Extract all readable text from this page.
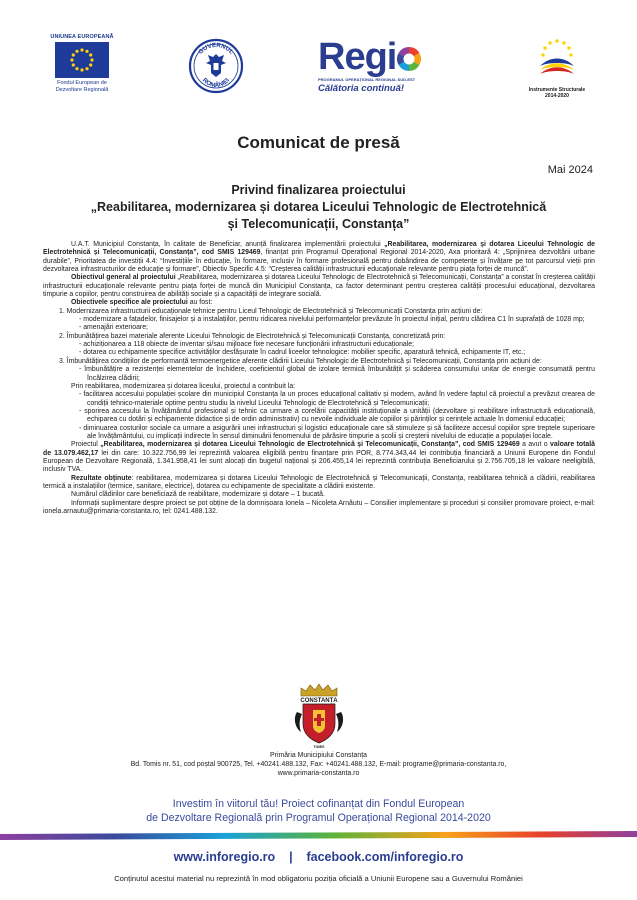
UNIUNEA EUROPEANĂ
Fondul European de
Dezvoltare Regională
GUVERNUL
ROMÂNIEI
Regi
PROGRAMUL OPERAȚIONAL REGIONAL SUD-EST
Călătoria continuă!	Instrumente Structurale
2014-2020
Comunicat de presă
Mai 2024
Privind finalizarea proiectului
„Reabilitarea, modernizarea și dotarea Liceului Tehnologic de Electrotehnică
și Telecomunicații, Constanța”

U.A.T. Municipiul Constanța, în calitate de Beneficiar, anunță finalizarea implementării proiectului „Reabilitarea, modernizarea și dotarea Liceului Tehnologic de Electrotehnică și Telecomunicații, Constanța”, cod SMIS 129469, finanțat prin Programul Operațional Regional 2014-2020, Axa prioritară 4: „Sprijinirea dezvoltării urbane durabile”, Prioritatea de investiții 4.4: “Investițiile în educație, în formare, inclusiv în formare profesională pentru dobândirea de competențe și învățare pe tot parcursul vieții prin dezvoltarea infrastructurilor de educație și formare”, Obiectiv Specific 4.5: “Creșterea calității infrastructurii educaționale relevante pentru piața forței de muncă”.

Obiectivul general al proiectului „Reabilitarea, modernizarea și dotarea Liceului Tehnologic de Electrotehnică și Telecomunicații, Constanța” a constat în creșterea calității infrastructurii educaționale relevante pentru piața forței de muncă din Municipiul Constanța, ca factor determinant pentru creșterea calității procesului educațional, dezvoltarea timpurie a copiilor, pentru construirea de abilități sociale și a capacității de integrare socială.

Obiectivele specifice ale proiectului au fost:

1. Modernizarea infrastructurii educaționale tehnice pentru Liceul Tehnologic de Electrotehnică și Telecomunicații Constanța prin acțiuni de:

- modernizare a fațadelor, finisajelor și a instalațiilor, pentru ridicarea nivelului performanțelor prevăzute în proiectul inițial, pentru clădirea C1 în suprafață de 1028 mp;

- amenajări exterioare;

2. Îmbunătățirea bazei materiale aferente Liceului Tehnologic de Electrotehnică și Telecomunicații Constanța, concretizată prin:

- achiziționarea a 118 obiecte de inventar și/sau mijloace fixe necesare funcționării infrastructurii educaționale;

- dotarea cu echipamente specifice activităților desfășurate în cadrul liceelor tehnologice: mobilier specific, aparatură tehnică, echipamente IT, etc.;

3. Îmbunătățirea condițiilor de performanță termoenergetice aferente clădirii Liceului Tehnologic de Electrotehnică și Telecomunicații, Constanța prin acțiuni de:

- îmbunătățire a rezistenței elementelor de închidere, coeficientul global de izolare termică îmbunătățit și scăderea consumului unitar de energie consumată pentru încălzirea clădirii;

Prin reabilitarea, modernizarea și dotarea liceului, proiectul a contribuit la:

- facilitarea accesului populației școlare din municipiul Constanța la un proces educațional calitativ și modern, având în vedere faptul că proiectul a prevăzut crearea de condiții tehnico-materiale optime pentru studiu la nivelul Liceului Tehnologic de Electrotehnică și Telecomunicații;

- sporirea accesului la învățământul profesional și tehnic ca urmare a corelării capacității instituționale a unității (dezvoltare și reabilitare infrastructură educațională, echiparea cu dotări și echipamente didactice și de ordin administrativ) cu nevoile individuale ale copiilor și părinților și cerințele actuale în domeniul educației;

- diminuarea costurilor sociale ca urmare a asigurării unei infrastructuri și logistici educaționale care să stimuleze și să faciliteze accesul copiilor spre treptele superioare ale învățământului, cu implicații indirecte în sensul diminuării fenomenului de părăsire timpurie a școlii și creșterii nivelului de educație a populației locale.

Proiectul „Reabilitarea, modernizarea și dotarea Liceului Tehnologic de Electrotehnică și Telecomunicații, Constanța”, cod SMIS 129469 a avut o valoare totală de 13.079.462,17 lei din care: 10.322.756,99 lei reprezintă valoarea eligibilă pentru finanțare prin POR, 8.774.343,44 lei contribuția financiară a Uniunii Europene din Fondul European de Dezvoltare Regională, 1.341.958,41 lei sunt alocați din bugetul național și 206.455,14 lei reprezintă contribuția Beneficiarului și 2.756.705,18 lei valoare neeligibilă, inclusiv TVA.

Rezultate obținute: reabilitarea, modernizarea și dotarea Liceului Tehnologic de Electrotehnică și Telecomunicații, Constanța, reabilitarea tehnică a clădirii, reabilitarea termică a instalațiilor (termice, sanitare, electrice), dotarea cu echipamente de specialitate a clădirii existente.

Numărul clădirilor care beneficiază de reabilitare, modernizare și dotare – 1 bucată.

Informații suplimentare despre proiect se pot obține de la domnișoara Ionela – Nicoleta Arnăutu – Consilier implementare și proceduri și consilier promovare proiect, e-mail: ionela.arnautu@primaria-constanta.ro, tel: 0241.488.132.

CONSTANȚA
TOMIS
Primăria Municipiului Constanța
Bd. Tomis nr. 51, cod poștal 900725, Tel. +40241.488.132, Fax: +40241.488.132, E-mail: programe@primaria-constanta.ro,
www.primaria-constanta.ro
Investim în viitorul tău! Proiect cofinanțat din Fondul European
de Dezvoltare Regională prin Programul Operațional Regional 2014-2020
www.inforegio.ro    |    facebook.com/inforegio.ro
Conținutul acestui material nu reprezintă în mod obligatoriu poziția oficială a Uniunii Europene sau a Guvernului României
